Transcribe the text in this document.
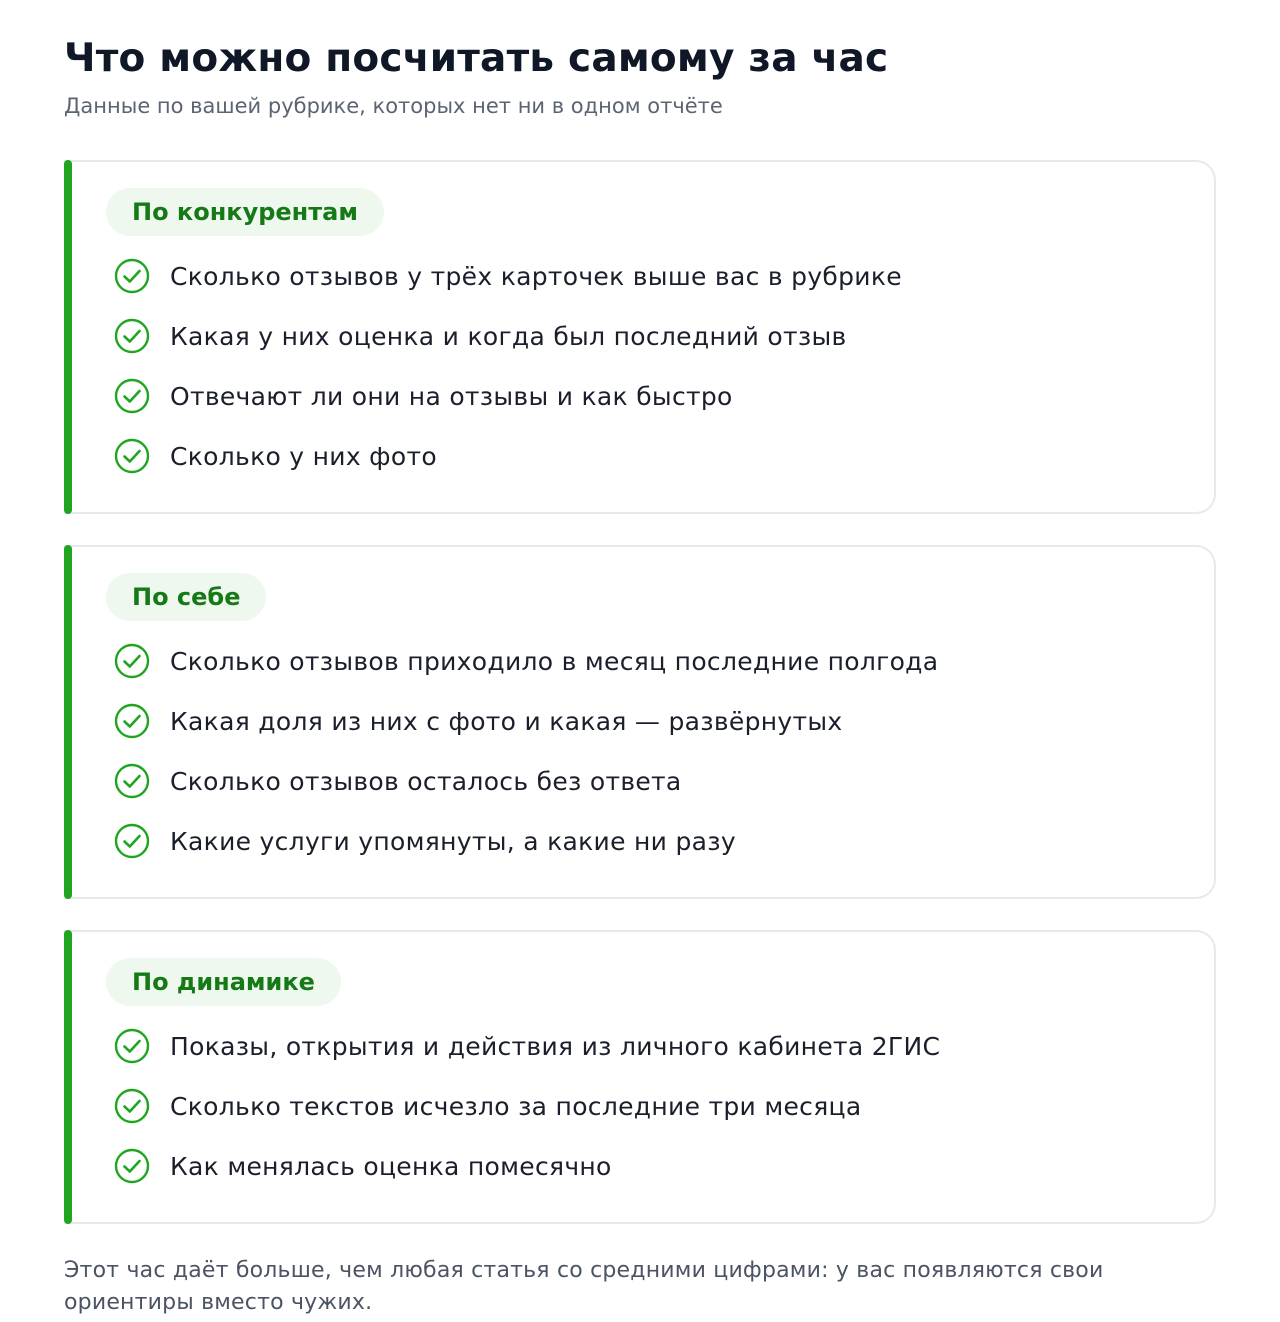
Что можно посчитать самому за час

Данные по вашей рубрике, которых нет ни в одном отчёте

По конкурентам
Сколько отзывов у трёх карточек выше вас в рубрике
Какая у них оценка и когда был последний отзыв
Отвечают ли они на отзывы и как быстро
Сколько у них фото
По себе
Сколько отзывов приходило в месяц последние полгода
Какая доля из них с фото и какая — развёрнутых
Сколько отзывов осталось без ответа
Какие услуги упомянуты, а какие ни разу
По динамике
Показы, открытия и действия из личного кабинета 2ГИС
Сколько текстов исчезло за последние три месяца
Как менялась оценка помесячно

Этот час даёт больше, чем любая статья со средними цифрами: у вас появляются свои ориентиры вместо чужих.
